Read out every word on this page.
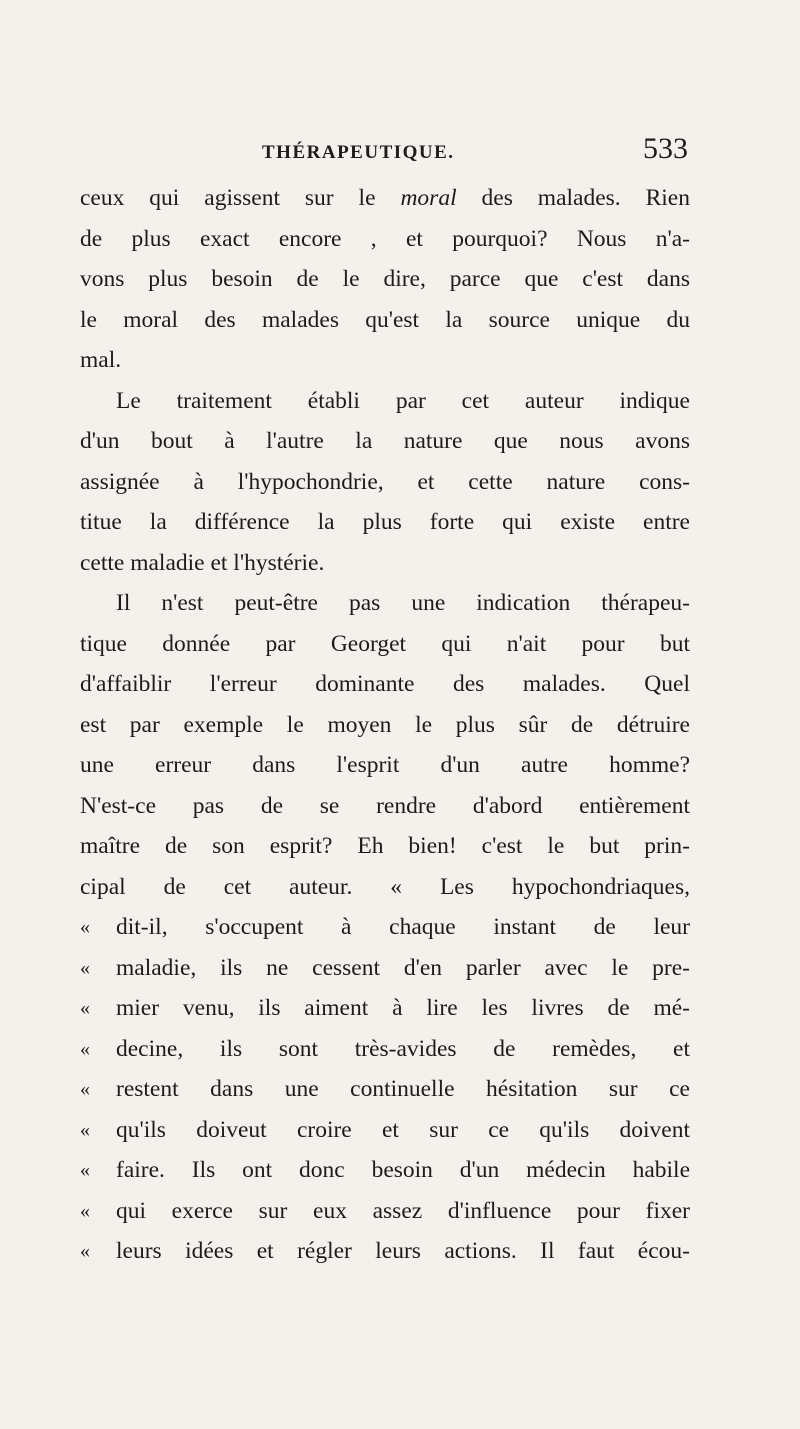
THÉRAPEUTIQUE.	533
ceux qui agissent sur le moral des malades. Rien
de plus exact encore , et pourquoi? Nous n'a-
vons plus besoin de le dire, parce que c'est dans
le moral des malades qu'est la source unique du
mal.
Le traitement établi par cet auteur indique
d'un bout à l'autre la nature que nous avons
assignée à l'hypochondrie, et cette nature cons-
titue la différence la plus forte qui existe entre
cette maladie et l'hystérie.
Il n'est peut-être pas une indication thérapeu-
tique donnée par Georget qui n'ait pour but
d'affaiblir l'erreur dominante des malades. Quel
est par exemple le moyen le plus sûr de détruire
une erreur dans l'esprit d'un autre homme?
N'est-ce pas de se rendre d'abord entièrement
maître de son esprit? Eh bien! c'est le but prin-
cipal de cet auteur. « Les hypochondriaques,
« dit-il, s'occupent à chaque instant de leur
« maladie, ils ne cessent d'en parler avec le pre-
« mier venu, ils aiment à lire les livres de mé-
« decine, ils sont très-avides de remèdes, et
« restent dans une continuelle hésitation sur ce
« qu'ils doiveut croire et sur ce qu'ils doivent
« faire. Ils ont donc besoin d'un médecin habile
« qui exerce sur eux assez d'influence pour fixer
« leurs idées et régler leurs actions. Il faut écou-
